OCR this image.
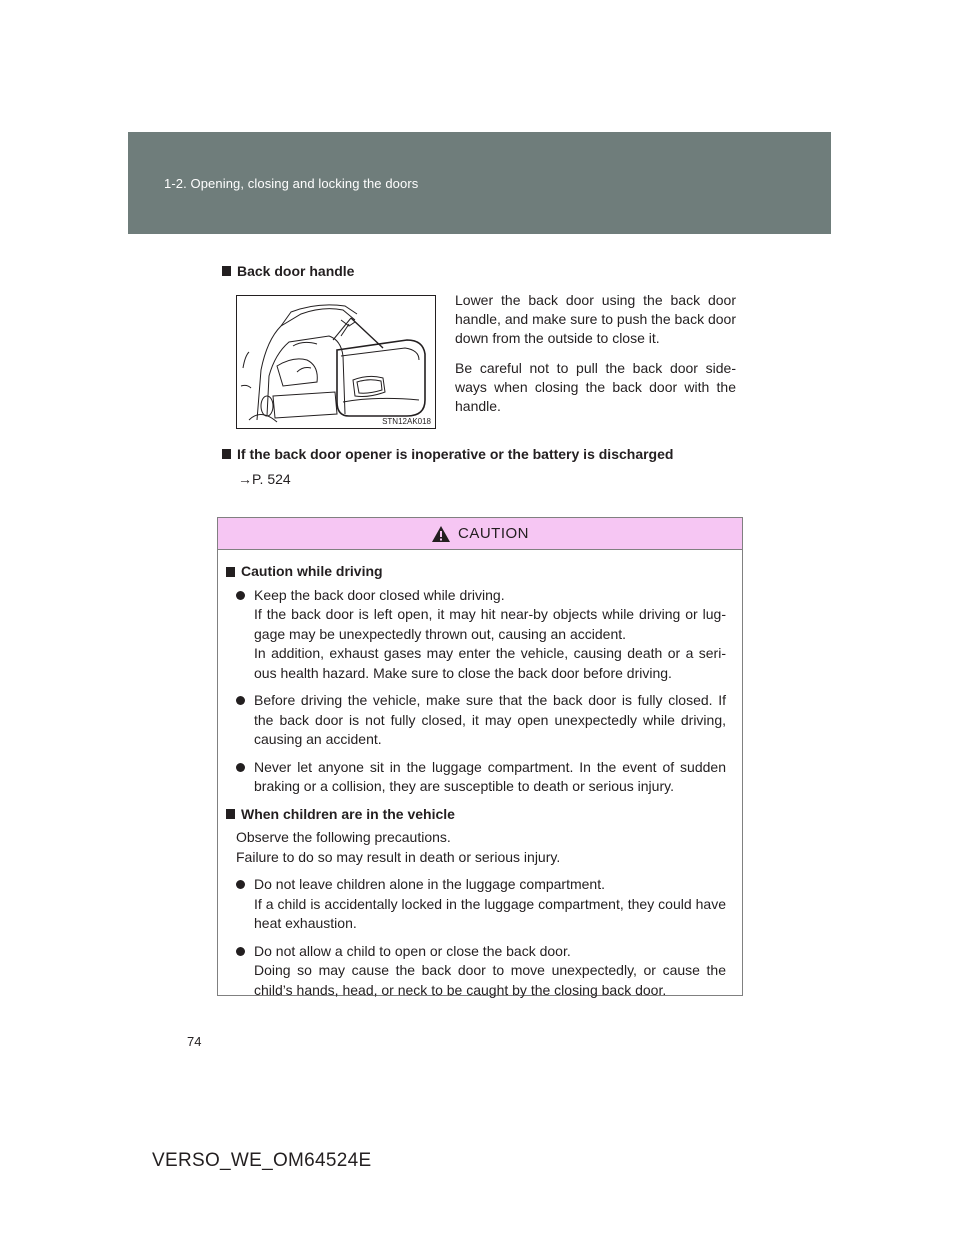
1-2. Opening, closing and locking the doors
Back door handle
STN12AK018

Lower the back door using the back door handle, and make sure to push the back door down from the outside to close it.

Be careful not to pull the back door side-ways when closing the back door with the handle.

If the back door opener is inoperative or the battery is discharged
→P. 524
CAUTION
Caution while driving
Keep the back door closed while driving.
If the back door is left open, it may hit near-by objects while driving or lug-gage may be unexpectedly thrown out, causing an accident.
In addition, exhaust gases may enter the vehicle, causing death or a seri-ous health hazard. Make sure to close the back door before driving.
Before driving the vehicle, make sure that the back door is fully closed. If the back door is not fully closed, it may open unexpectedly while driving, causing an accident.
Never let anyone sit in the luggage compartment. In the event of sudden braking or a collision, they are susceptible to death or serious injury.
When children are in the vehicle
Observe the following precautions.
Failure to do so may result in death or serious injury.
Do not leave children alone in the luggage compartment.
If a child is accidentally locked in the luggage compartment, they could have heat exhaustion.
Do not allow a child to open or close the back door.
Doing so may cause the back door to move unexpectedly, or cause the child’s hands, head, or neck to be caught by the closing back door.
74
VERSO_WE_OM64524E
